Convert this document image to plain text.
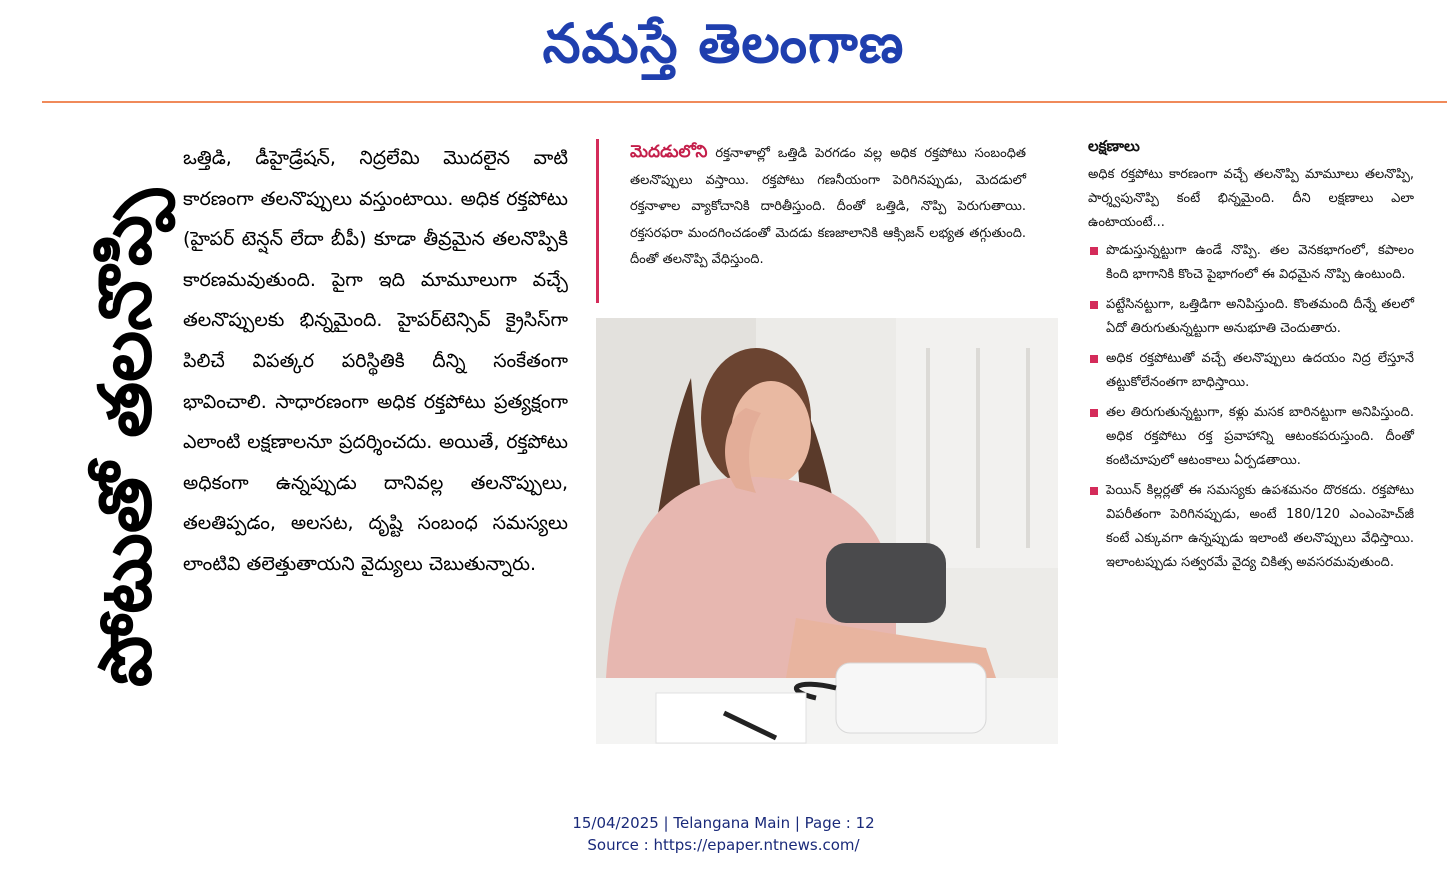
నమస్తే తెలంగాణ
పోటుతో తలనొప్పి

ఒత్తిడి, డీహైడ్రేషన్, నిద్రలేమి మొదలైన వాటి కారణంగా తలనొప్పులు వస్తుంటాయి. అధిక రక్తపోటు (హైపర్ టెన్షన్ లేదా బీపీ) కూడా తీవ్రమైన తలనొప్పికి కారణమవుతుంది. పైగా ఇది మామూలుగా వచ్చే తలనొప్పులకు భిన్నమైంది. హైపర్‌టెన్సివ్ క్రైసిస్‌గా పిలిచే విపత్కర పరిస్థితికి దీన్ని సంకేతంగా భావించాలి. సాధారణంగా అధిక రక్తపోటు ప్రత్యక్షంగా ఎలాంటి లక్షణాలనూ ప్రదర్శించదు. అయితే, రక్తపోటు అధికంగా ఉన్నప్పుడు దానివల్ల తలనొప్పులు, తలతిప్పడం, అలసట, దృష్టి సంబంధ సమస్యలు లాంటివి తలెత్తుతాయని వైద్యులు చెబుతున్నారు.

మెదడులోని రక్తనాళాల్లో ఒత్తిడి పెరగడం వల్ల అధిక రక్తపోటు సంబంధిత తలనొప్పులు వస్తాయి. రక్తపోటు గణనీయంగా పెరిగినప్పుడు, మెదడులో రక్తనాళాల వ్యాకోచానికి దారితీస్తుంది. దీంతో ఒత్తిడి, నొప్పి పెరుగుతాయి. రక్తసరఫరా మందగించడంతో మెదడు కణజాలానికి ఆక్సిజన్ లభ్యత తగ్గుతుంది. దీంతో తలనొప్పి వేధిస్తుంది.
లక్షణాలు

అధిక రక్తపోటు కారణంగా వచ్చే తలనొప్పి మామూలు తలనొప్పి, పార్శ్వపునొప్పి కంటే భిన్నమైంది. దీని లక్షణాలు ఎలా ఉంటాయంటే...

పొడుస్తున్నట్టుగా ఉండే నొప్పి. తల వెనకభాగంలో, కపాలం కింది భాగానికి కొంచె పైభాగంలో ఈ విధమైన నొప్పి ఉంటుంది.
పట్టేసినట్టుగా, ఒత్తిడిగా అనిపిస్తుంది. కొంతమంది దీన్నే తలలో ఏదో తిరుగుతున్నట్టుగా అనుభూతి చెందుతారు.
అధిక రక్తపోటుతో వచ్చే తలనొప్పులు ఉదయం నిద్ర లేస్తూనే తట్టుకోలేనంతగా బాధిస్తాయి.
తల తిరుగుతున్నట్టుగా, కళ్లు మసక బారినట్టుగా అనిపిస్తుంది. అధిక రక్తపోటు రక్త ప్రవాహాన్ని ఆటంకపరుస్తుంది. దీంతో కంటిచూపులో ఆటంకాలు ఏర్పడతాయి.
పెయిన్ కిల్లర్లతో ఈ సమస్యకు ఉపశమనం దొరకదు. రక్తపోటు విపరీతంగా పెరిగినప్పుడు, అంటే 180/120 ఎంఎంహెచ్‌జీ కంటే ఎక్కువగా ఉన్నప్పుడు ఇలాంటి తలనొప్పులు వేధిస్తాయి. ఇలాంటప్పుడు సత్వరమే వైద్య చికిత్స అవసరమవుతుంది.
15/04/2025 | Telangana Main | Page : 12
Source : https://epaper.ntnews.com/
